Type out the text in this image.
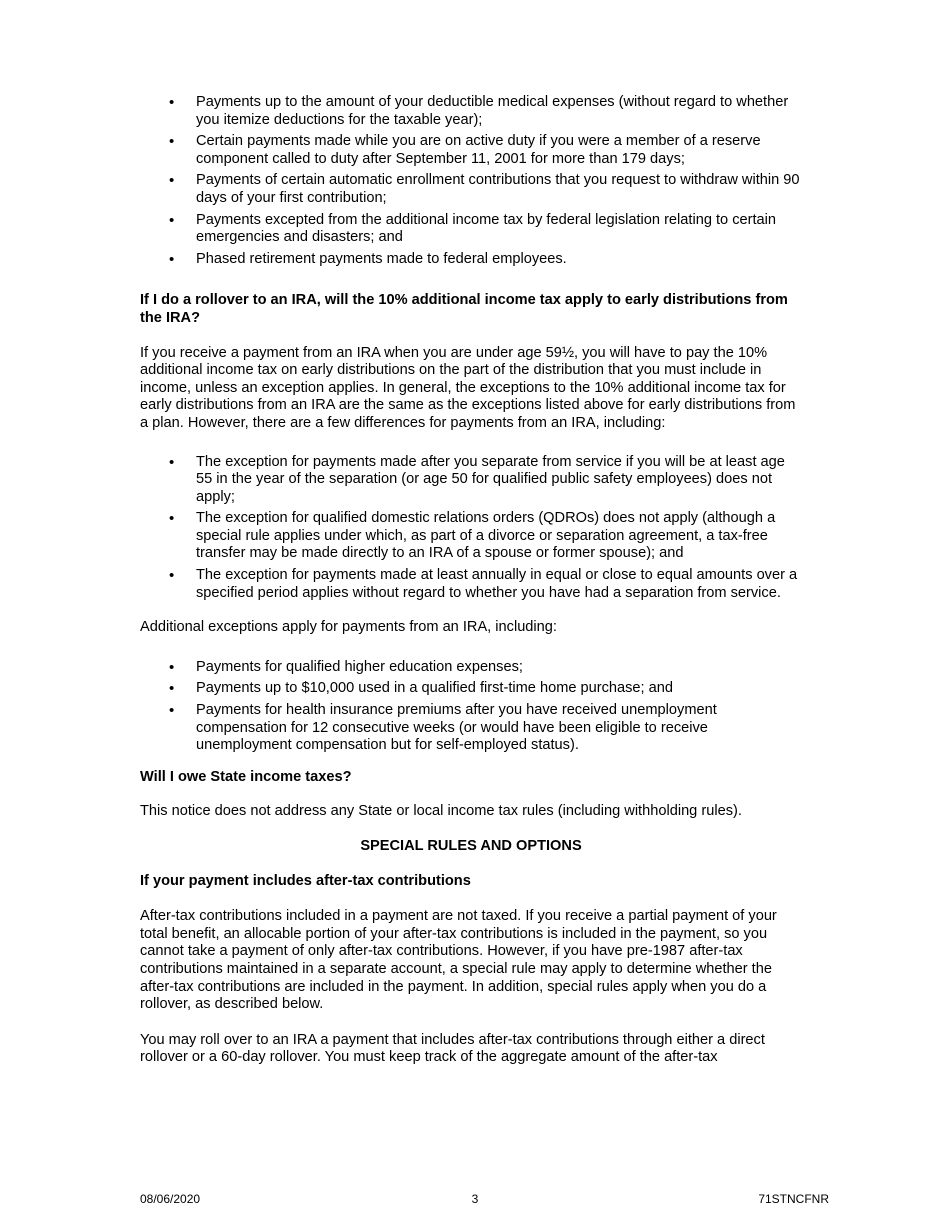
• Payments up to the amount of your deductible medical expenses (without regard to whether you itemize deductions for the taxable year);
• Certain payments made while you are on active duty if you were a member of a reserve component called to duty after September 11, 2001 for more than 179 days;
• Payments of certain automatic enrollment contributions that you request to withdraw within 90 days of your first contribution;
• Payments excepted from the additional income tax by federal legislation relating to certain emergencies and disasters; and
• Phased retirement payments made to federal employees.

If I do a rollover to an IRA, will the 10% additional income tax apply to early distributions from the IRA?

If you receive a payment from an IRA when you are under age 59½, you will have to pay the 10% additional income tax on early distributions on the part of the distribution that you must include in income, unless an exception applies. In general, the exceptions to the 10% additional income tax for early distributions from an IRA are the same as the exceptions listed above for early distributions from a plan. However, there are a few differences for payments from an IRA, including:

• The exception for payments made after you separate from service if you will be at least age 55 in the year of the separation (or age 50 for qualified public safety employees) does not apply;
• The exception for qualified domestic relations orders (QDROs) does not apply (although a special rule applies under which, as part of a divorce or separation agreement, a tax-free transfer may be made directly to an IRA of a spouse or former spouse); and
• The exception for payments made at least annually in equal or close to equal amounts over a specified period applies without regard to whether you have had a separation from service.

Additional exceptions apply for payments from an IRA, including:

• Payments for qualified higher education expenses;
• Payments up to $10,000 used in a qualified first-time home purchase; and
• Payments for health insurance premiums after you have received unemployment compensation for 12 consecutive weeks (or would have been eligible to receive unemployment compensation but for self-employed status).

Will I owe State income taxes?

This notice does not address any State or local income tax rules (including withholding rules).

SPECIAL RULES AND OPTIONS

If your payment includes after-tax contributions

After-tax contributions included in a payment are not taxed. If you receive a partial payment of your total benefit, an allocable portion of your after-tax contributions is included in the payment, so you cannot take a payment of only after-tax contributions. However, if you have pre-1987 after-tax contributions maintained in a separate account, a special rule may apply to determine whether the after-tax contributions are included in the payment. In addition, special rules apply when you do a rollover, as described below.

You may roll over to an IRA a payment that includes after-tax contributions through either a direct rollover or a 60-day rollover. You must keep track of the aggregate amount of the after-tax

08/06/2020	3	71STNCFNR
